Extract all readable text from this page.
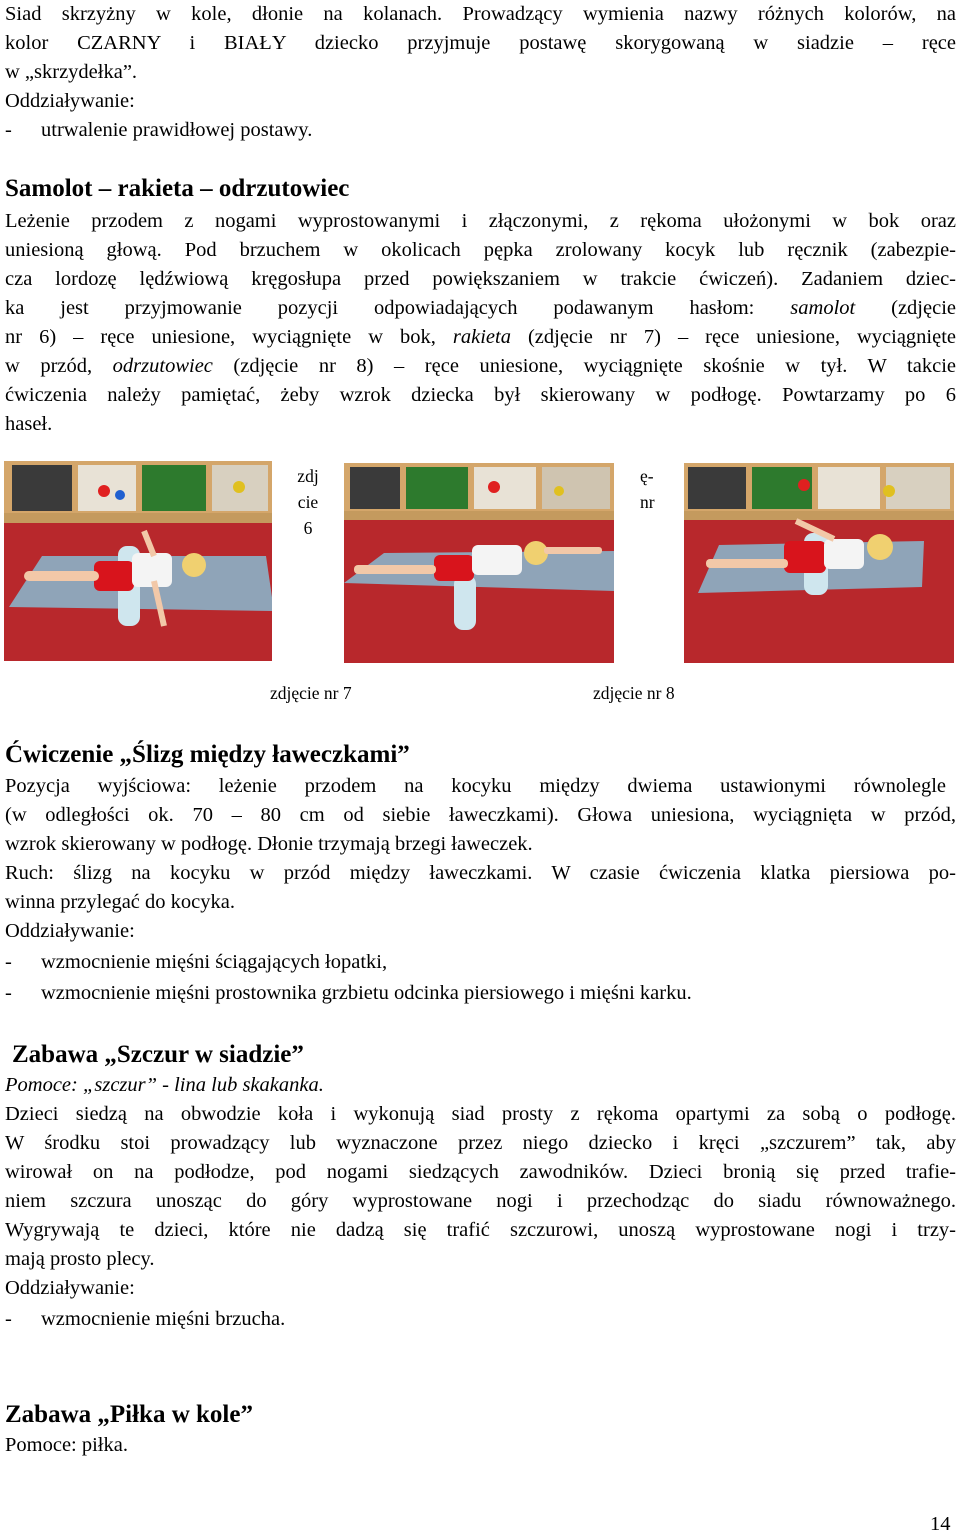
Siad skrzyżny w kole, dłonie na kolanach. Prowadzący wymienia nazwy różnych kolorów, na

kolor CZARNY i BIAŁY dziecko przyjmuje postawę skorygowaną w siadzie – ręce

w „skrzydełka”.

Oddziaływanie:

- utrwalenie prawidłowej postawy.

Samolot – rakieta – odrzutowiec

Leżenie przodem z nogami wyprostowanymi i złączonymi, z rękoma ułożonymi w bok oraz

uniesioną głową. Pod brzuchem w okolicach pępka zrolowany kocyk lub ręcznik (zabezpie-

cza lordozę lędźwiową kręgosłupa przed powiększaniem w trakcie ćwiczeń). Zadaniem dziec-

ka jest przyjmowanie pozycji odpowiadających podawanym hasłom: samolot (zdjęcie

nr 6) – ręce uniesione, wyciągnięte w bok, rakieta (zdjęcie nr 7) – ręce uniesione, wyciągnięte

w przód, odrzutowiec (zdjęcie nr 8) – ręce uniesione, wyciągnięte skośnie w tył. W takcie

ćwiczenia należy pamiętać, żeby wzrok dziecka był skierowany w podłogę. Powtarzamy po 6

haseł.

zdj
cie
6
ę-
nr
zdjęcie nr 7	zdjęcie nr 8
Ćwiczenie „Ślizg między ławeczkami”

Pozycja wyjściowa: leżenie przodem na kocyku między dwiema ustawionymi równolegle

(w odległości ok. 70 – 80 cm od siebie ławeczkami). Głowa uniesiona, wyciągnięta w przód,

wzrok skierowany w podłogę. Dłonie trzymają brzegi ławeczek.

Ruch: ślizg na kocyku w przód między ławeczkami. W czasie ćwiczenia klatka piersiowa po-

winna przylegać do kocyka.

Oddziaływanie:

- wzmocnienie mięśni ściągających łopatki,

- wzmocnienie mięśni prostownika grzbietu odcinka piersiowego i mięśni karku.

Zabawa „Szczur w siadzie”

Pomoce: „szczur” - lina lub skakanka.

Dzieci siedzą na obwodzie koła i wykonują siad prosty z rękoma opartymi za sobą o podłogę.

W środku stoi prowadzący lub wyznaczone przez niego dziecko i kręci „szczurem” tak, aby

wirował on na podłodze, pod nogami siedzących zawodników. Dzieci bronią się przed trafie-

niem szczura unosząc do góry wyprostowane nogi i przechodząc do siadu równoważnego.

Wygrywają te dzieci, które nie dadzą się trafić szczurowi, unoszą wyprostowane nogi i trzy-

mają prosto plecy.

Oddziaływanie:

- wzmocnienie mięśni brzucha.

Zabawa „Piłka w kole”

Pomoce: piłka.

14
